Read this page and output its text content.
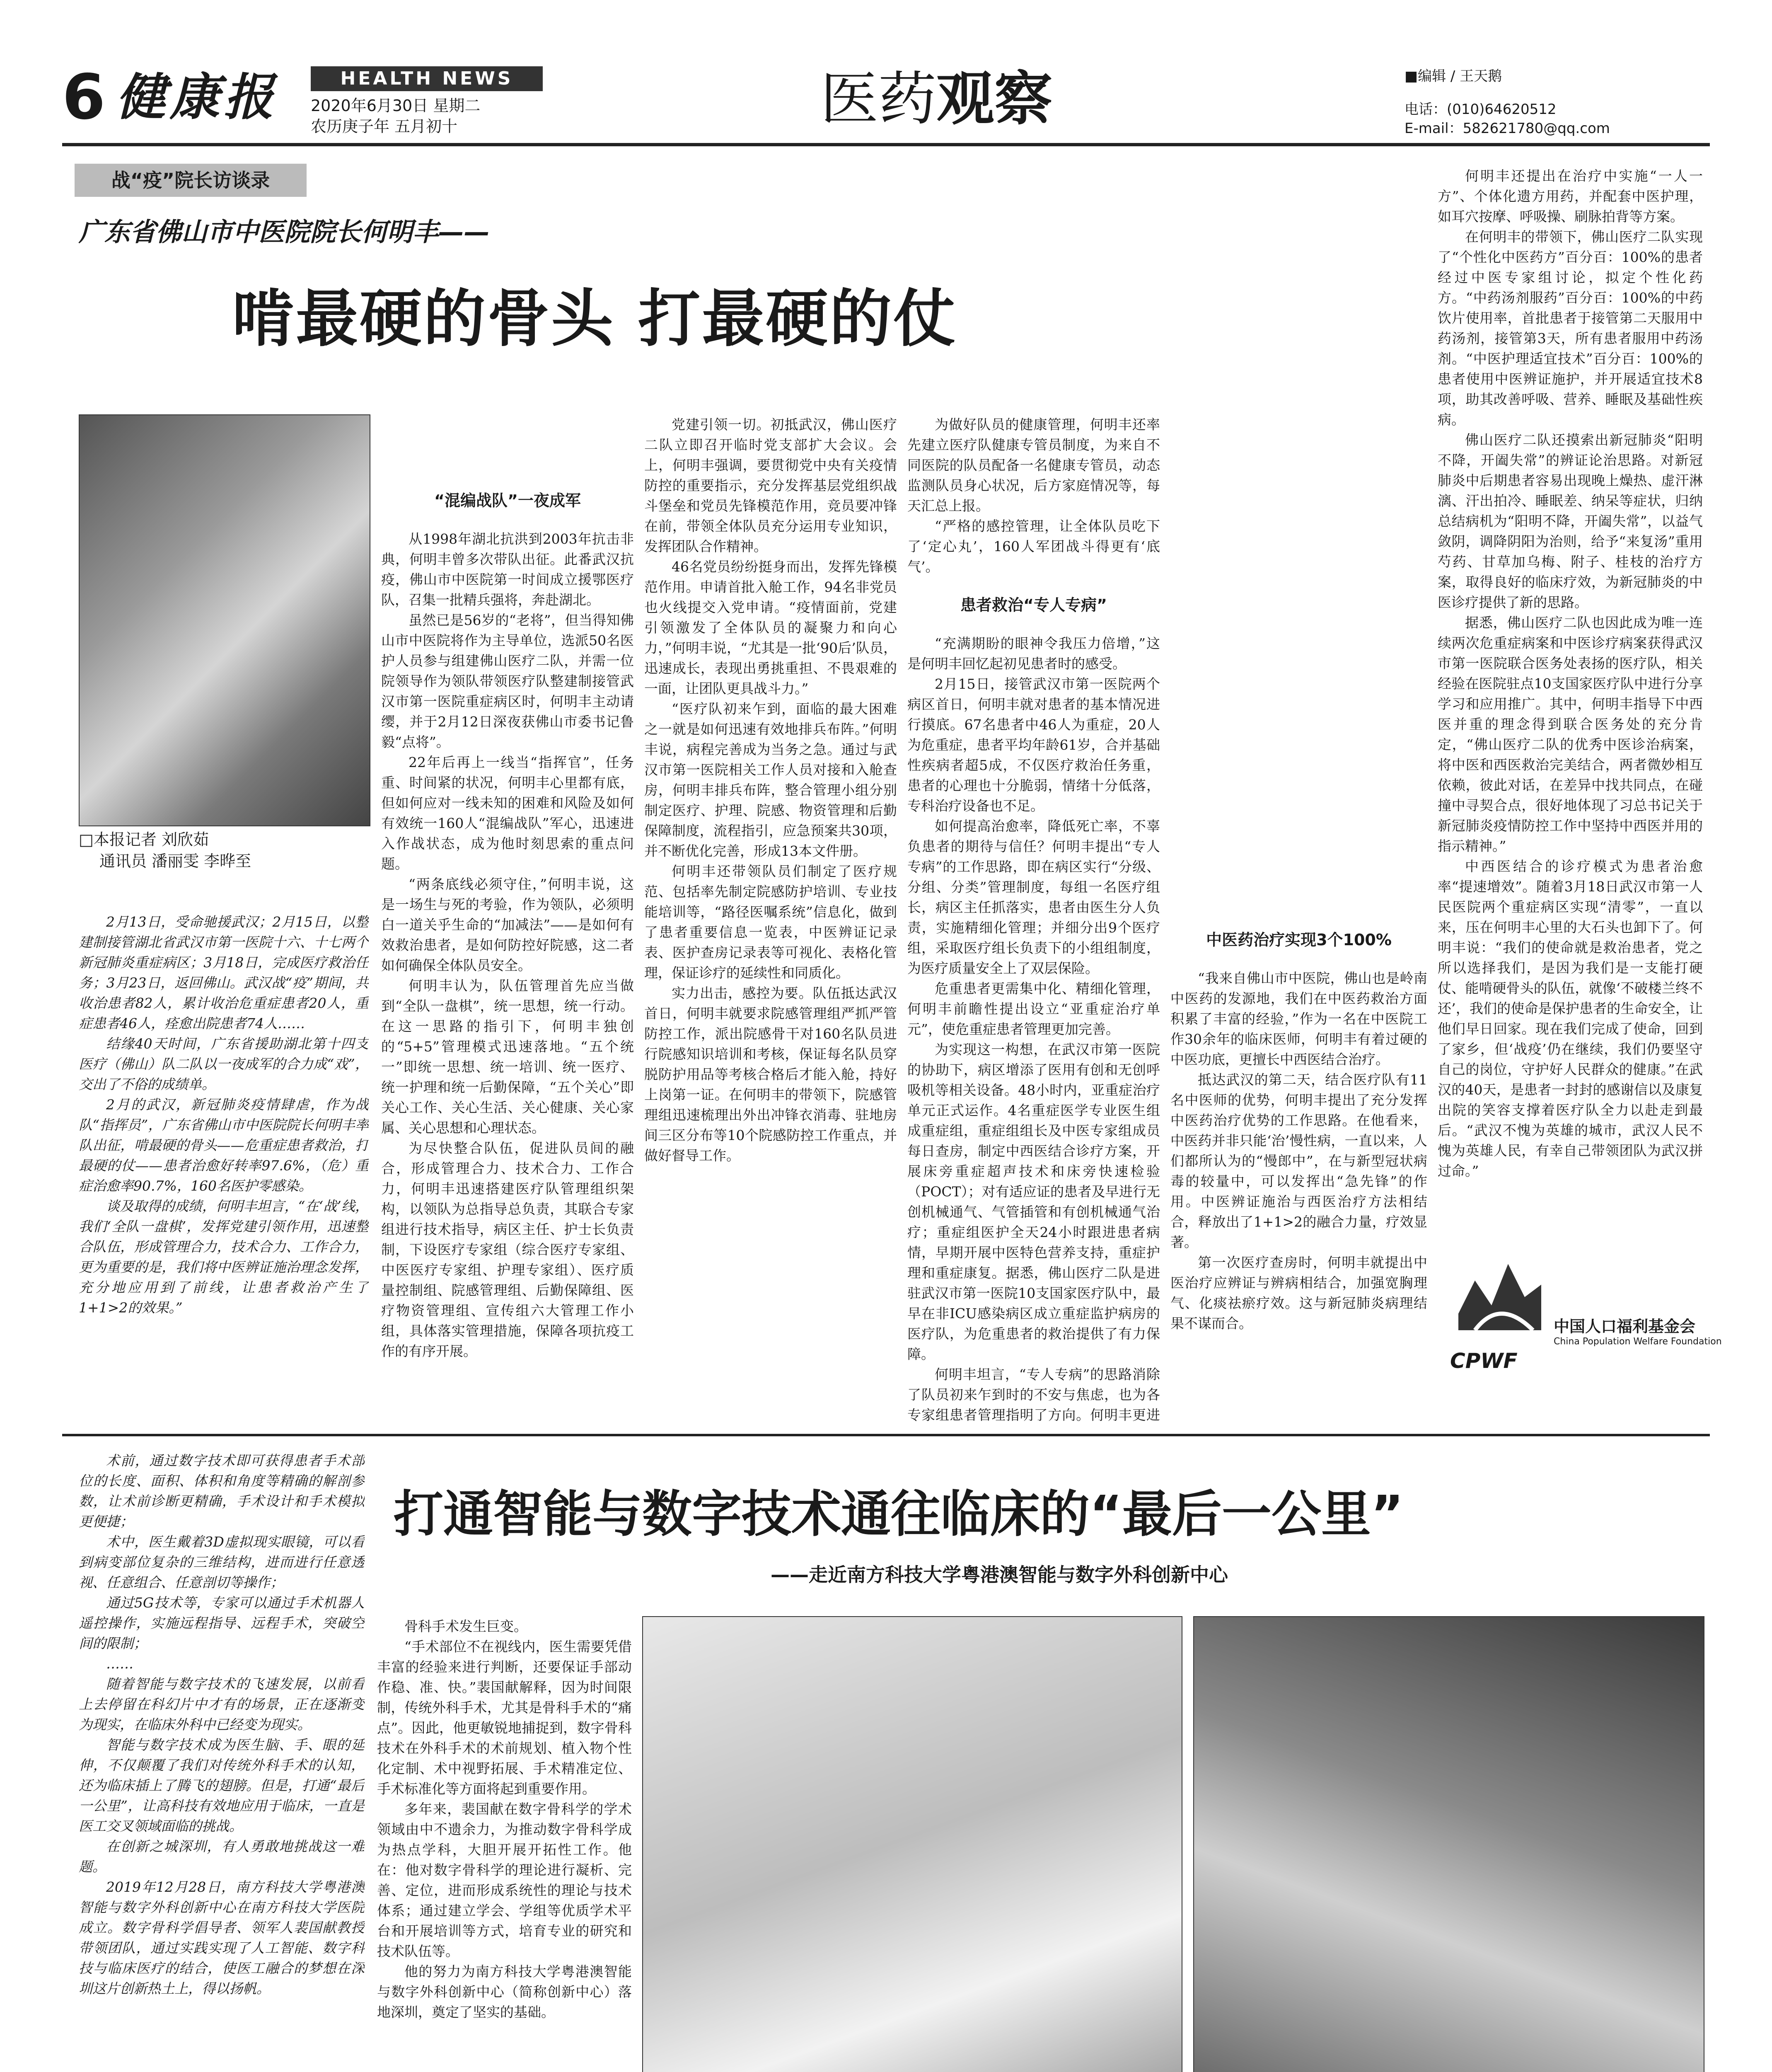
6 健康报	HEALTH NEWS
2020年6月30日 星期二
农历庚子年 五月初十	医药观察	■编辑 / 王天鹅
电话：(010)64620512
E-mail：582621780@qq.com
战“疫”院长访谈录
广东省佛山市中医院院长何明丰——
啃最硬的骨头 打最硬的仗
□本报记者 刘欣茹
通讯员 潘丽雯 李晔至

2月13日，受命驰援武汉；2月15日，以整建制接管湖北省武汉市第一医院十六、十七两个新冠肺炎重症病区；3月18日，完成医疗救治任务；3月23日，返回佛山。武汉战“疫”期间，共收治患者82人，累计收治危重症患者20人，重症患者46人，痊愈出院患者74人……

结缘40天时间，广东省援助湖北第十四支医疗（佛山）队二队以一夜成军的合力成“戏”，交出了不俗的成绩单。

2月的武汉，新冠肺炎疫情肆虐，作为战队“指挥员”，广东省佛山市中医院院长何明丰率队出征，啃最硬的骨头——危重症患者救治，打最硬的仗——患者治愈好转率97.6%，（危）重症治愈率90.7%，160名医护零感染。

谈及取得的成绩，何明丰坦言，“在‘战’线，我们‘全队一盘棋’，发挥党建引领作用，迅速整合队伍，形成管理合力，技术合力、工作合力，更为重要的是，我们将中医辨证施治理念发挥，充分地应用到了前线，让患者救治产生了1+1>2的效果。”

“混编战队”一夜成军

从1998年湖北抗洪到2003年抗击非典，何明丰曾多次带队出征。此番武汉抗疫，佛山市中医院第一时间成立援鄂医疗队，召集一批精兵强将，奔赴湖北。

虽然已是56岁的“老将”，但当得知佛山市中医院将作为主导单位，选派50名医护人员参与组建佛山医疗二队，并需一位院领导作为领队带领医疗队整建制接管武汉市第一医院重症病区时，何明丰主动请缨，并于2月12日深夜获佛山市委书记鲁毅“点将”。

22年后再上一线当“指挥官”，任务重、时间紧的状况，何明丰心里都有底，但如何应对一线未知的困难和风险及如何有效统一160人“混编战队”军心，迅速进入作战状态，成为他时刻思索的重点问题。

“两条底线必须守住，”何明丰说，这是一场生与死的考验，作为领队，必须明白一道关乎生命的“加减法”——是如何有效救治患者，是如何防控好院感，这二者如何确保全体队员安全。

何明丰认为，队伍管理首先应当做到“全队一盘棋”，统一思想，统一行动。在这一思路的指引下，何明丰独创的“5+5”管理模式迅速落地。“五个统一”即统一思想、统一培训、统一医疗、统一护理和统一后勤保障，“五个关心”即关心工作、关心生活、关心健康、关心家属、关心思想和心理状态。

为尽快整合队伍，促进队员间的融合，形成管理合力、技术合力、工作合力，何明丰迅速搭建医疗队管理组织架构，以领队为总指导总负责，其联合专家组进行技术指导，病区主任、护士长负责制，下设医疗专家组（综合医疗专家组、中医医疗专家组、护理专家组）、医疗质量控制组、院感管理组、后勤保障组、医疗物资管理组、宣传组六大管理工作小组，具体落实管理措施，保障各项抗疫工作的有序开展。

党建引领一切。初抵武汉，佛山医疗二队立即召开临时党支部扩大会议。会上，何明丰强调，要贯彻党中央有关疫情防控的重要指示，充分发挥基层党组织战斗堡垒和党员先锋模范作用，竞员要冲锋在前，带领全体队员充分运用专业知识，发挥团队合作精神。

46名党员纷纷挺身而出，发挥先锋模范作用。申请首批入舱工作，94名非党员也火线提交入党申请。“疫情面前，党建引领激发了全体队员的凝聚力和向心力，”何明丰说，“尤其是一批‘90后’队员，迅速成长，表现出勇挑重担、不畏艰难的一面，让团队更具战斗力。”

“医疗队初来乍到，面临的最大困难之一就是如何迅速有效地排兵布阵。”何明丰说，病程完善成为当务之急。通过与武汉市第一医院相关工作人员对接和入舱查房，何明丰排兵布阵，整合管理小组分别制定医疗、护理、院感、物资管理和后勤保障制度，流程指引，应急预案共30项，并不断优化完善，形成13本文件册。

何明丰还带领队员们制定了医疗规范、包括率先制定院感防护培训、专业技能培训等，“路径医嘱系统”信息化，做到了患者重要信息一览表，中医辨证记录表、医护查房记录表等可视化、表格化管理，保证诊疗的延续性和同质化。

实力出击，感控为要。队伍抵达武汉首日，何明丰就要求院感管理组严抓严管防控工作，派出院感骨干对160名队员进行院感知识培训和考核，保证每名队员穿脱防护用品等考核合格后才能入舱，持好上岗第一证。在何明丰的带领下，院感管理组迅速梳理出外出冲锋衣消毒、驻地房间三区分布等10个院感防控工作重点，并做好督导工作。

为做好队员的健康管理，何明丰还率先建立医疗队健康专管员制度，为来自不同医院的队员配备一名健康专管员，动态监测队员身心状况，后方家庭情况等，每天汇总上报。

“严格的感控管理，让全体队员吃下了‘定心丸’，160人军团战斗得更有‘底气’。

患者救治“专人专病”

“充满期盼的眼神令我压力倍增，”这是何明丰回忆起初见患者时的感受。

2月15日，接管武汉市第一医院两个病区首日，何明丰就对患者的基本情况进行摸底。67名患者中46人为重症，20人为危重症，患者平均年龄61岁，合并基础性疾病者超5成，不仅医疗救治任务重，患者的心理也十分脆弱，情绪十分低落，专科治疗设备也不足。

如何提高治愈率，降低死亡率，不辜负患者的期待与信任？何明丰提出“专人专病”的工作思路，即在病区实行“分级、分组、分类”管理制度，每组一名医疗组长，病区主任抓落实，患者由医生分人负责，实施精细化管理；并细分出9个医疗组，采取医疗组长负责下的小组组制度，为医疗质量安全上了双层保险。

危重患者更需集中化、精细化管理，何明丰前瞻性提出设立“亚重症治疗单元”，使危重症患者管理更加完善。

为实现这一构想，在武汉市第一医院的协助下，病区增添了医用有创和无创呼吸机等相关设备。48小时内，亚重症治疗单元正式运作。4名重症医学专业医生组成重症组，重症组组长及中医专家组成员每日查房，制定中西医结合诊疗方案，开展床旁重症超声技术和床旁快速检验（POCT）；对有适应证的患者及早进行无创机械通气、气管插管和有创机械通气治疗；重症组医护全天24小时跟进患者病情，早期开展中医特色营养支持，重症护理和重症康复。据悉，佛山医疗二队是进驻武汉市第一医院10支国家医疗队中，最早在非ICU感染病区成立重症监护病房的医疗队，为危重患者的救治提供了有力保障。

何明丰坦言，“专人专病”的思路消除了队员初来乍到时的不安与焦虑，也为各专家组患者管理指明了方向。何明丰更进

中医药治疗实现3个100%

“我来自佛山市中医院，佛山也是岭南中医药的发源地，我们在中医药救治方面积累了丰富的经验，”作为一名在中医院工作30余年的临床医师，何明丰有着过硬的中医功底，更擅长中西医结合治疗。

抵达武汉的第二天，结合医疗队有11名中医师的优势，何明丰提出了充分发挥中医药治疗优势的工作思路。在他看来，中医药并非只能‘治’慢性病，一直以来，人们都所认为的“慢郎中”，在与新型冠状病毒的较量中，可以发挥出“急先锋”的作用。中医辨证施治与西医治疗方法相结合，释放出了1+1>2的融合力量，疗效显著。

第一次医疗查房时，何明丰就提出中医治疗应辨证与辨病相结合，加强宽胸理气、化痰祛瘀疗效。这与新冠肺炎病理结果不谋而合。

何明丰还提出在治疗中实施“一人一方”、个体化遗方用药，并配套中医护理，如耳穴按摩、呼吸操、刷脉拍背等方案。

在何明丰的带领下，佛山医疗二队实现了“个性化中医药方”百分百：100%的患者经过中医专家组讨论，拟定个性化药方。“中药汤剂服药”百分百：100%的中药饮片使用率，首批患者于接管第二天服用中药汤剂，接管第3天，所有患者服用中药汤剂。“中医护理适宜技术”百分百：100%的患者使用中医辨证施护，并开展适宜技术8项，助其改善呼吸、营养、睡眠及基础性疾病。

佛山医疗二队还摸索出新冠肺炎“阳明不降，开阖失常”的辨证论治思路。对新冠肺炎中后期患者容易出现晚上燥热、虚汗淋漓、汗出拍冷、睡眠差、纳呆等症状，归纳总结病机为“阳明不降，开阖失常”，以益气敛阴，调降阴阳为治则，给予“来复汤”重用芍药、甘草加乌梅、附子、桂枝的治疗方案，取得良好的临床疗效，为新冠肺炎的中医诊疗提供了新的思路。

据悉，佛山医疗二队也因此成为唯一连续两次危重症病案和中医诊疗病案获得武汉市第一医院联合医务处表扬的医疗队，相关经验在医院驻点10支国家医疗队中进行分享学习和应用推广。其中，何明丰指导下中西医并重的理念得到联合医务处的充分肯定，“佛山医疗二队的优秀中医诊治病案，将中医和西医救治完美结合，两者微妙相互依赖，彼此对话，在差异中找共同点，在碰撞中寻契合点，很好地体现了习总书记关于新冠肺炎疫情防控工作中坚持中西医并用的指示精神。”

中西医结合的诊疗模式为患者治愈率“提速增效”。随着3月18日武汉市第一人民医院两个重症病区实现“清零”，一直以来，压在何明丰心里的大石头也卸下了。何明丰说：“我们的使命就是救治患者，党之所以选择我们，是因为我们是一支能打硬仗、能啃硬骨头的队伍，就像‘不破楼兰终不还’，我们的使命是保护患者的生命安全，让他们早日回家。现在我们完成了使命，回到了家乡，但‘战疫’仍在继续，我们仍要坚守自己的岗位，守护好人民群众的健康。”在武汉的40天，是患者一封封的感谢信以及康复出院的笑容支撑着医疗队全力以赴走到最后。“武汉不愧为英雄的城市，武汉人民不愧为英雄人民，有幸自己带领团队为武汉拼过命。”

CPWF
中国人口福利基金会
China Population Welfare Foundation

术前，通过数字技术即可获得患者手术部位的长度、面积、体积和角度等精确的解剖参数，让术前诊断更精确，手术设计和手术模拟更便捷；

术中，医生戴着3D虚拟现实眼镜，可以看到病变部位复杂的三维结构，进而进行任意透视、任意组合、任意剖切等操作；

通过5G技术等，专家可以通过手术机器人遥控操作，实施远程指导、远程手术，突破空间的限制；

……

随着智能与数字技术的飞速发展，以前看上去停留在科幻片中才有的场景，正在逐渐变为现实，在临床外科中已经变为现实。

智能与数字技术成为医生脑、手、眼的延伸，不仅颠覆了我们对传统外科手术的认知，还为临床插上了腾飞的翅膀。但是，打通“最后一公里”，让高科技有效地应用于临床，一直是医工交叉领域面临的挑战。

在创新之城深圳，有人勇敢地挑战这一难题。

2019年12月28日，南方科技大学粤港澳智能与数字外科创新中心在南方科技大学医院成立。数字骨科学倡导者、领军人裴国献教授带领团队，通过实践实现了人工智能、数字科技与临床医疗的结合，使医工融合的梦想在深圳这片创新热土上，得以扬帆。

打通智能与数字技术通往临床的“最后一公里”
——走近南方科技大学粤港澳智能与数字外科创新中心

骨科手术发生巨变。

“手术部位不在视线内，医生需要凭借丰富的经验来进行判断，还要保证手部动作稳、准、快。”裴国献解释，因为时间限制，传统外科手术，尤其是骨科手术的“痛点”。因此，他更敏锐地捕捉到，数字骨科技术在外科手术的术前规划、植入物个性化定制、术中视野拓展、手术精准定位、手术标准化等方面将起到重要作用。

多年来，裴国献在数字骨科学的学术领域由中不遗余力，为推动数字骨科学成为热点学科，大胆开展开拓性工作。他在：他对数字骨科学的理论进行凝析、完善、定位，进而形成系统性的理论与技术体系；通过建立学会、学组等优质学术平台和开展培训等方式，培育专业的研究和技术队伍等。

他的努力为南方科技大学粤港澳智能与数字外科创新中心（简称创新中心）落地深圳，奠定了坚实的基础。
